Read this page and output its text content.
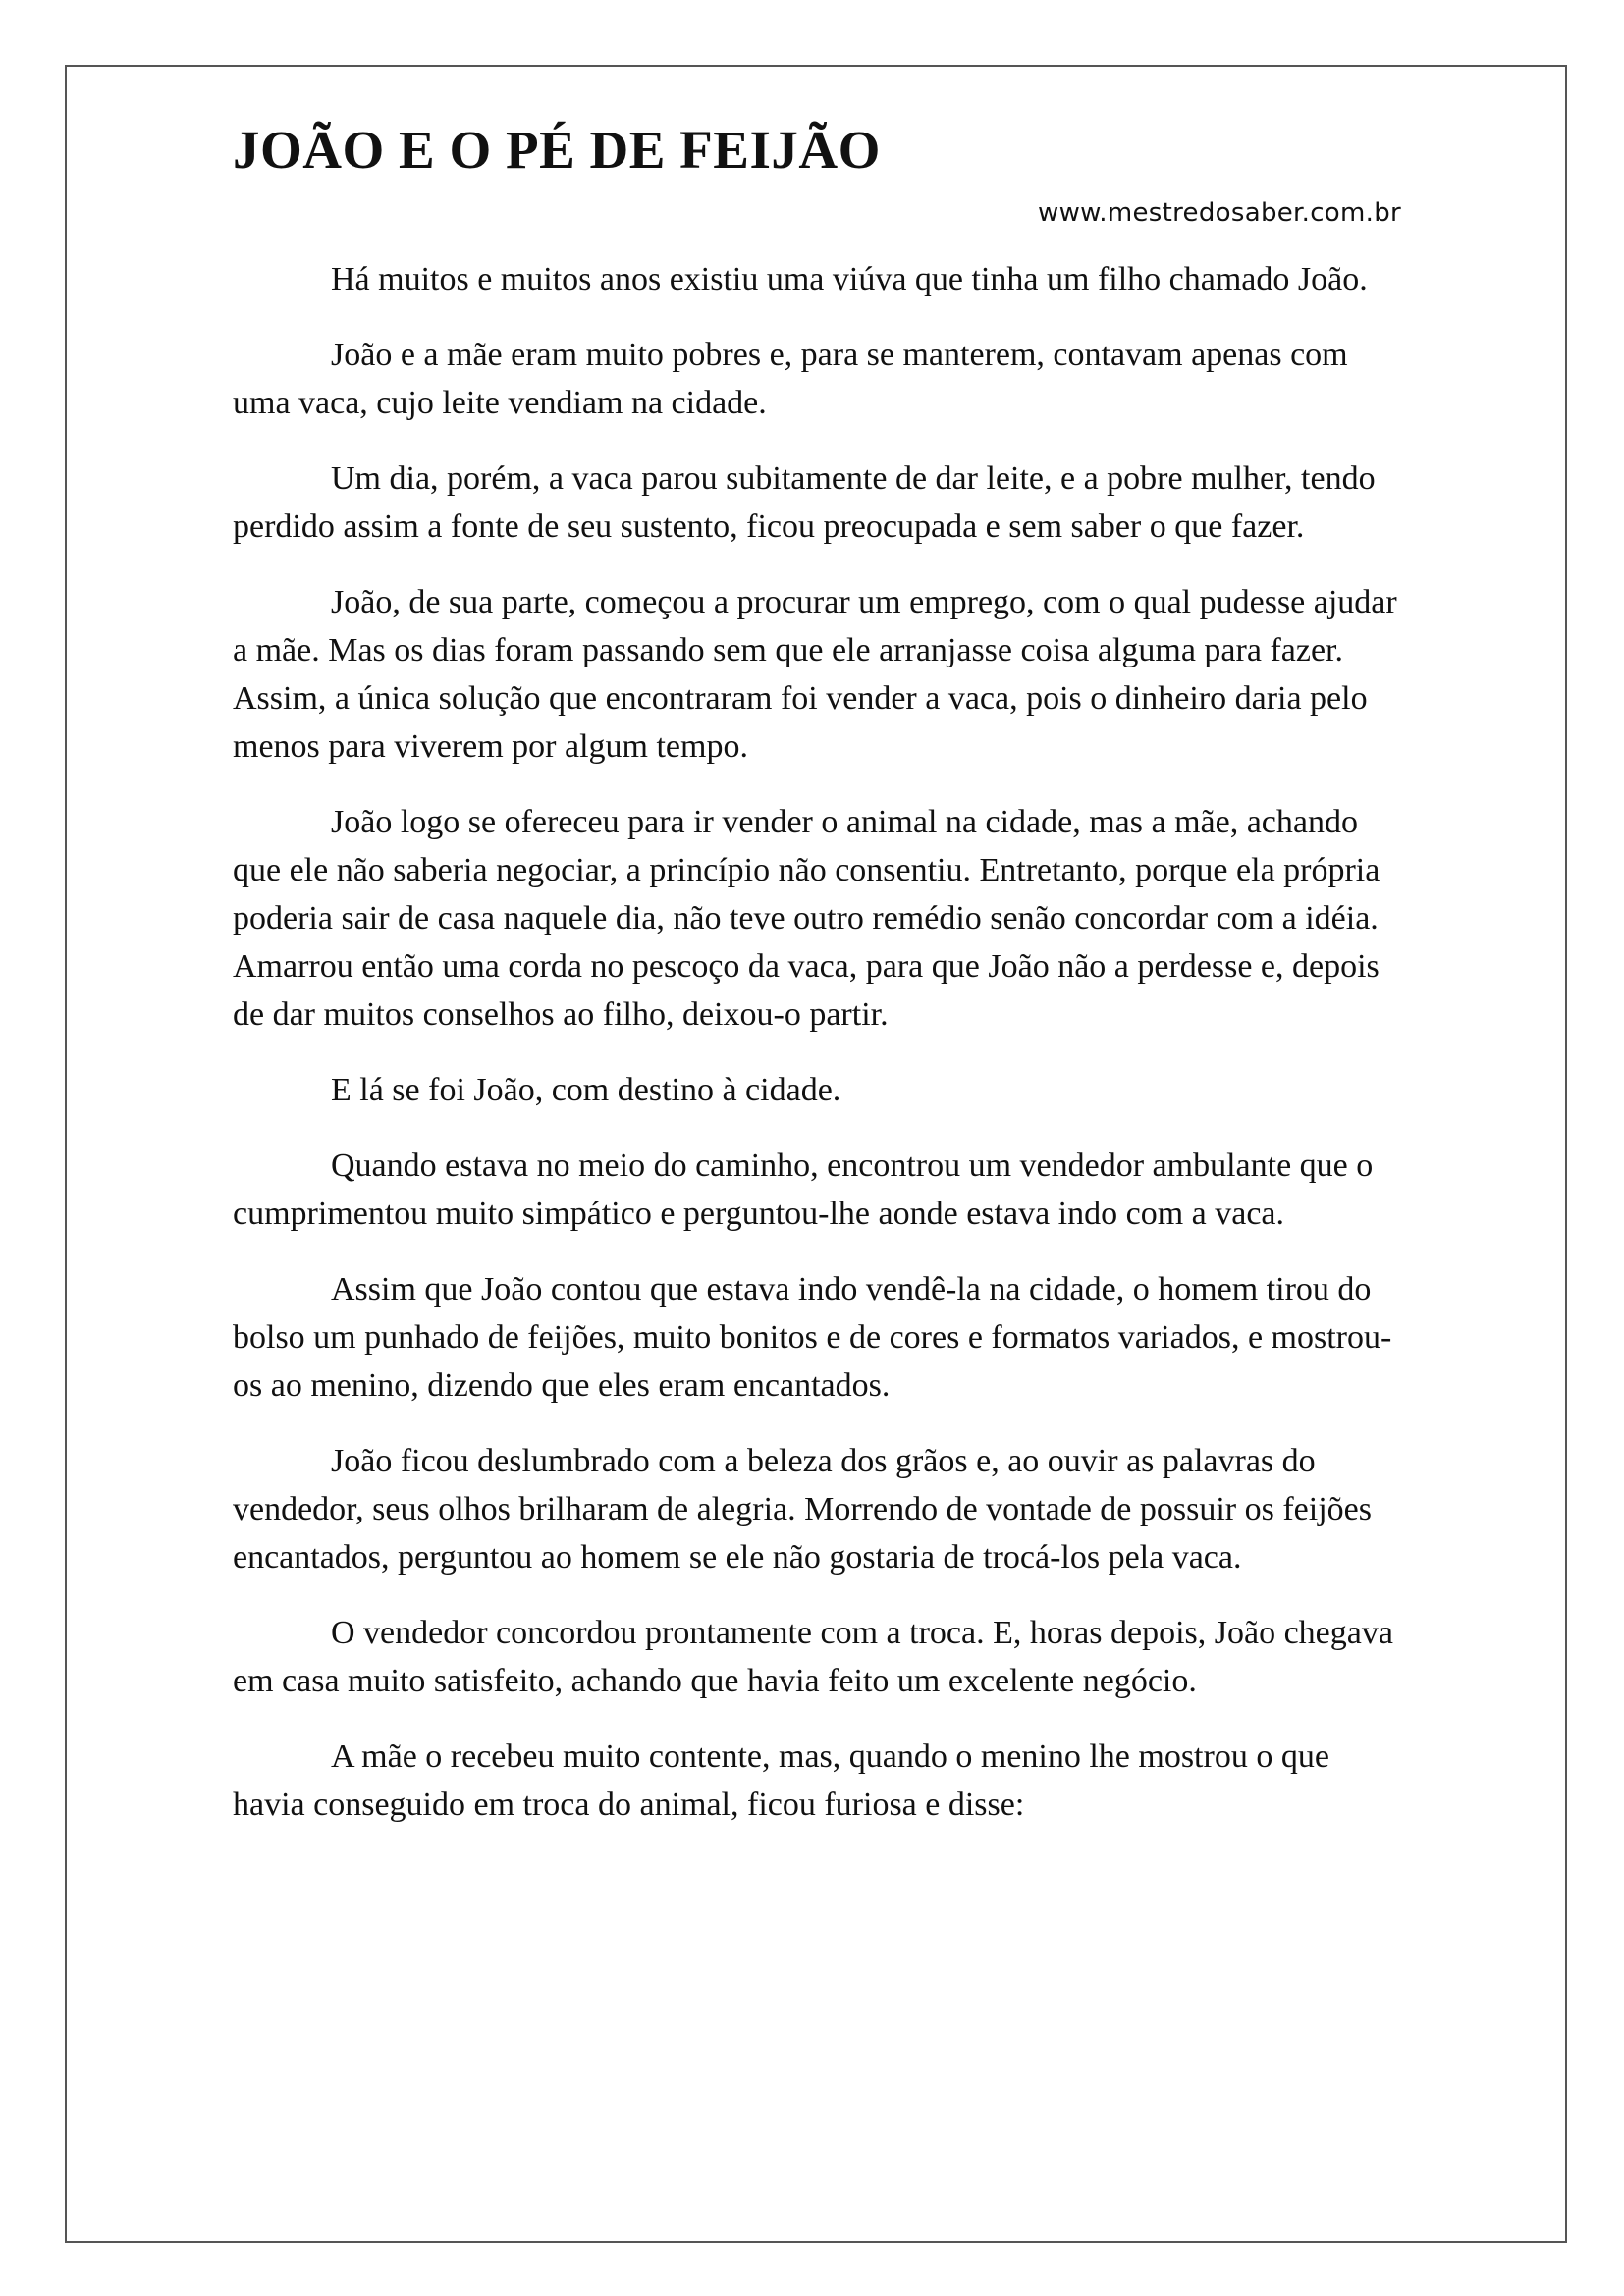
JOÃO E O PÉ DE FEIJÃO
www.mestredosaber.com.br

Há muitos e muitos anos existiu uma viúva que tinha um filho chamado João.

João e a mãe eram muito pobres e, para se manterem, contavam apenas com uma vaca, cujo leite vendiam na cidade.

Um dia, porém, a vaca parou subitamente de dar leite, e a pobre mulher, tendo perdido assim a fonte de seu sustento, ficou preocupada e sem saber o que fazer.

João, de sua parte, começou a procurar um emprego, com o qual pudesse ajudar a mãe. Mas os dias foram passando sem que ele arranjasse coisa alguma para fazer. Assim, a única solução que encontraram foi vender a vaca, pois o dinheiro daria pelo menos para viverem por algum tempo.

João logo se ofereceu para ir vender o animal na cidade, mas a mãe, achando que ele não saberia negociar, a princípio não consentiu. Entretanto, porque ela própria poderia sair de casa naquele dia, não teve outro remédio senão concordar com a idéia. Amarrou então uma corda no pescoço da vaca, para que João não a perdesse e, depois de dar muitos conselhos ao filho, deixou-o partir.

E lá se foi João, com destino à cidade.

Quando estava no meio do caminho, encontrou um vendedor ambulante que o cumprimentou muito simpático e perguntou-lhe aonde estava indo com a vaca.

Assim que João contou que estava indo vendê-la na cidade, o homem tirou do bolso um punhado de feijões, muito bonitos e de cores e formatos variados, e mostrou-os ao menino, dizendo que eles eram encantados.

João ficou deslumbrado com a beleza dos grãos e, ao ouvir as palavras do vendedor, seus olhos brilharam de alegria. Morrendo de vontade de possuir os feijões encantados, perguntou ao homem se ele não gostaria de trocá-los pela vaca.

O vendedor concordou prontamente com a troca. E, horas depois, João chegava em casa muito satisfeito, achando que havia feito um excelente negócio.

A mãe o recebeu muito contente, mas, quando o menino lhe mostrou o que havia conseguido em troca do animal, ficou furiosa e disse:
